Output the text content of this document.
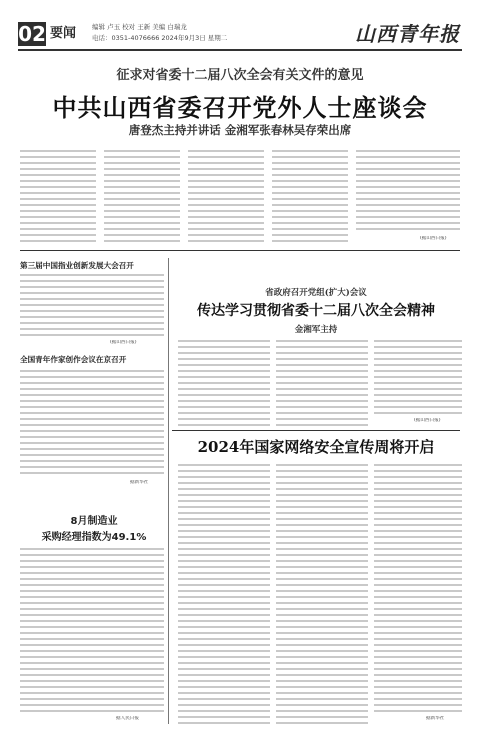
02 要闻 编辑 卢玉 校对 王新 美编 白瑞龙
电话：0351-4076666 2024年9月3日 星期二	山西青年报
征求对省委十二届八次全会有关文件的意见
中共山西省委召开党外人士座谈会
唐登杰主持并讲话 金湘军张春林吴存荣出席
(据山西日报)
第三届中国指业创新发展大会召开
(据山西日报)
全国青年作家创作会议在京召开
据新华社
8月制造业
采购经理指数为49.1%
据人民日报
省政府召开党组(扩大)会议
传达学习贯彻省委十二届八次全会精神
金湘军主持
(据山西日报)
2024年国家网络安全宣传周将开启
据新华社
